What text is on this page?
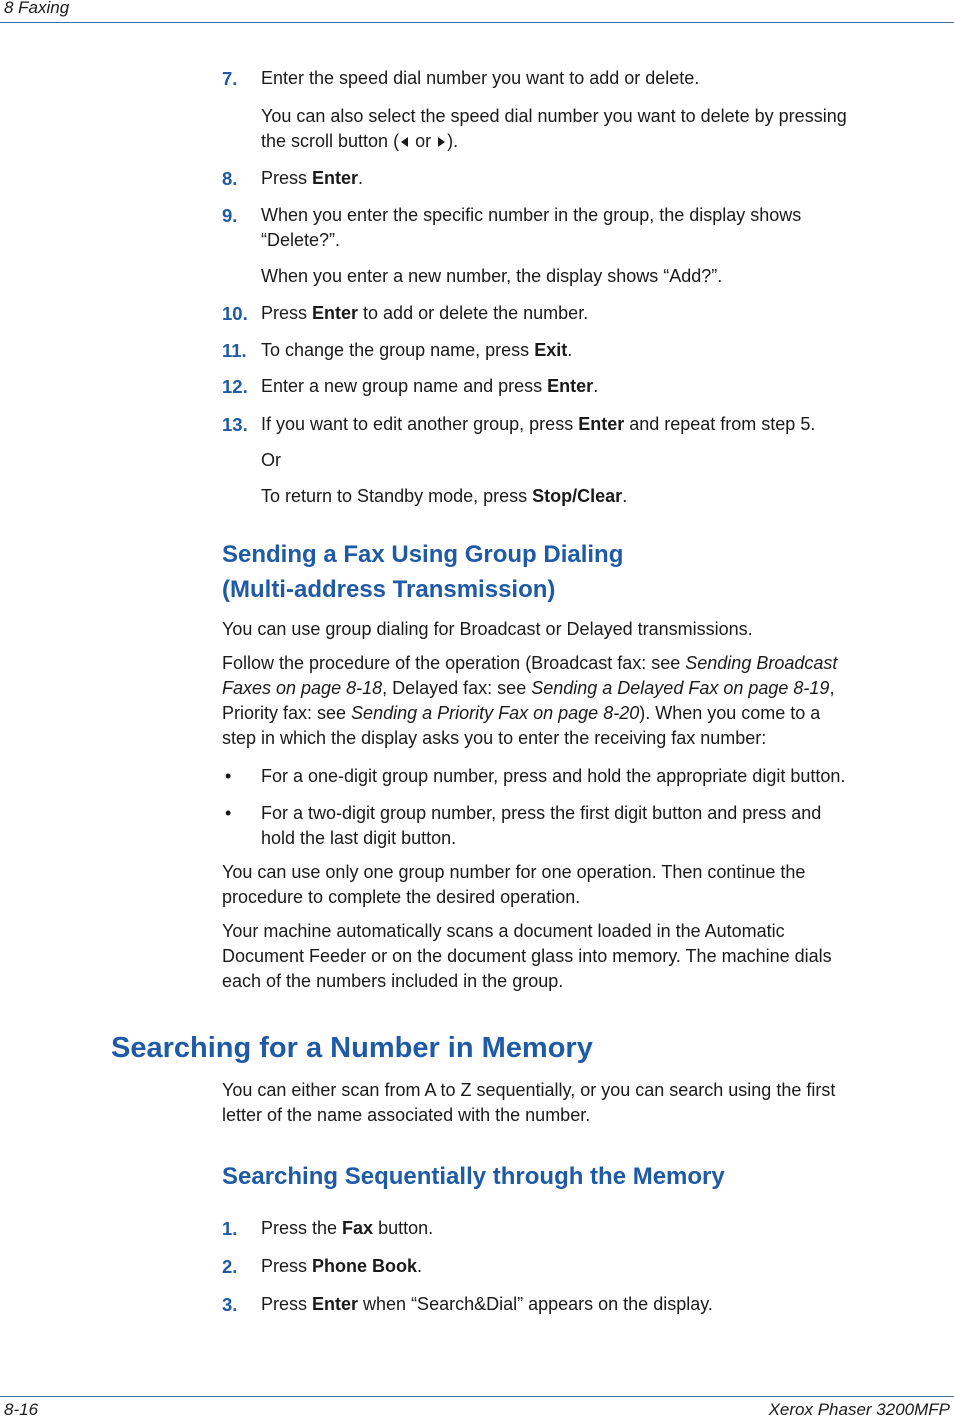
8 Faxing
7. Enter the speed dial number you want to add or delete.
You can also select the speed dial number you want to delete by pressing
the scroll button ( or ).
8. Press Enter.
9. When you enter the specific number in the group, the display shows
“Delete?”.
When you enter a new number, the display shows “Add?”.
10. Press Enter to add or delete the number.
11. To change the group name, press Exit.
12. Enter a new group name and press Enter.
13. If you want to edit another group, press Enter and repeat from step 5.
Or
To return to Standby mode, press Stop/Clear.
Sending a Fax Using Group Dialing
(Multi-address Transmission)
You can use group dialing for Broadcast or Delayed transmissions.
Follow the procedure of the operation (Broadcast fax: see Sending Broadcast
Faxes on page 8-18, Delayed fax: see Sending a Delayed Fax on page 8-19,
Priority fax: see Sending a Priority Fax on page 8-20). When you come to a
step in which the display asks you to enter the receiving fax number:
• For a one-digit group number, press and hold the appropriate digit button.
• For a two-digit group number, press the first digit button and press and
hold the last digit button.
You can use only one group number for one operation. Then continue the
procedure to complete the desired operation.
Your machine automatically scans a document loaded in the Automatic
Document Feeder or on the document glass into memory. The machine dials
each of the numbers included in the group.
Searching for a Number in Memory
You can either scan from A to Z sequentially, or you can search using the first
letter of the name associated with the number.
Searching Sequentially through the Memory
1. Press the Fax button.
2. Press Phone Book.
3. Press Enter when “Search&Dial” appears on the display.
8-16	Xerox Phaser 3200MFP
